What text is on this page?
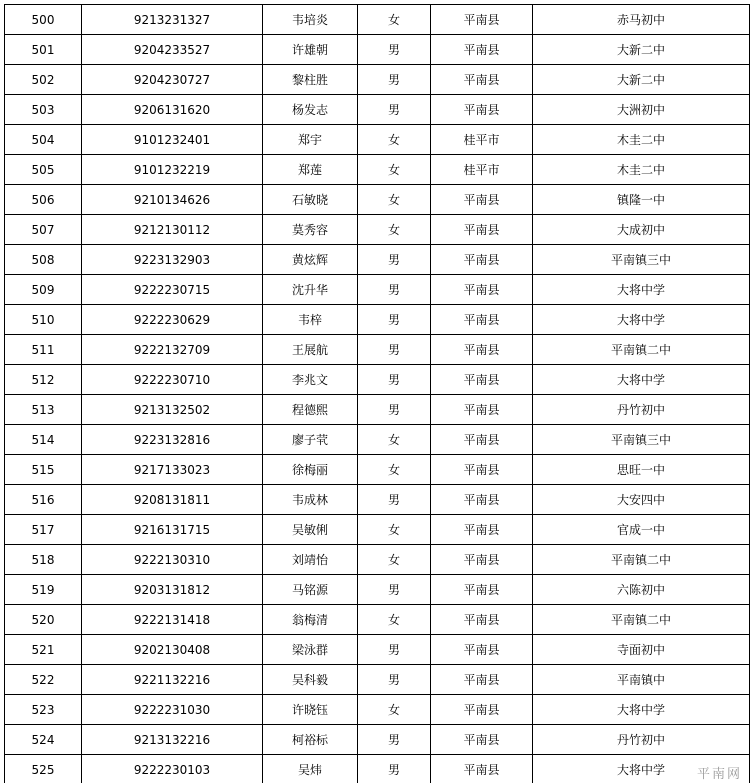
500	9213231327	韦培炎	女	平南县	赤马初中
501	9204233527	许雄朝	男	平南县	大新二中
502	9204230727	黎柱胜	男	平南县	大新二中
503	9206131620	杨发志	男	平南县	大洲初中
504	9101232401	郑宇	女	桂平市	木圭二中
505	9101232219	郑莲	女	桂平市	木圭二中
506	9210134626	石敏晓	女	平南县	镇隆一中
507	9212130112	莫秀容	女	平南县	大成初中
508	9223132903	黄炫辉	男	平南县	平南镇三中
509	9222230715	沈升华	男	平南县	大将中学
510	9222230629	韦梓	男	平南县	大将中学
511	9222132709	王展航	男	平南县	平南镇二中
512	9222230710	李兆文	男	平南县	大将中学
513	9213132502	程德熙	男	平南县	丹竹初中
514	9223132816	廖子茕	女	平南县	平南镇三中
515	9217133023	徐梅丽	女	平南县	思旺一中
516	9208131811	韦成林	男	平南县	大安四中
517	9216131715	吴敏俐	女	平南县	官成一中
518	9222130310	刘靖怡	女	平南县	平南镇二中
519	9203131812	马铭源	男	平南县	六陈初中
520	9222131418	翁梅清	女	平南县	平南镇二中
521	9202130408	梁泳群	男	平南县	寺面初中
522	9221132216	吴科毅	男	平南县	平南镇中
523	9222231030	许晓钰	女	平南县	大将中学
524	9213132216	柯裕标	男	平南县	丹竹初中
525	9222230103	吴炜	男	平南县	大将中学	平南网
